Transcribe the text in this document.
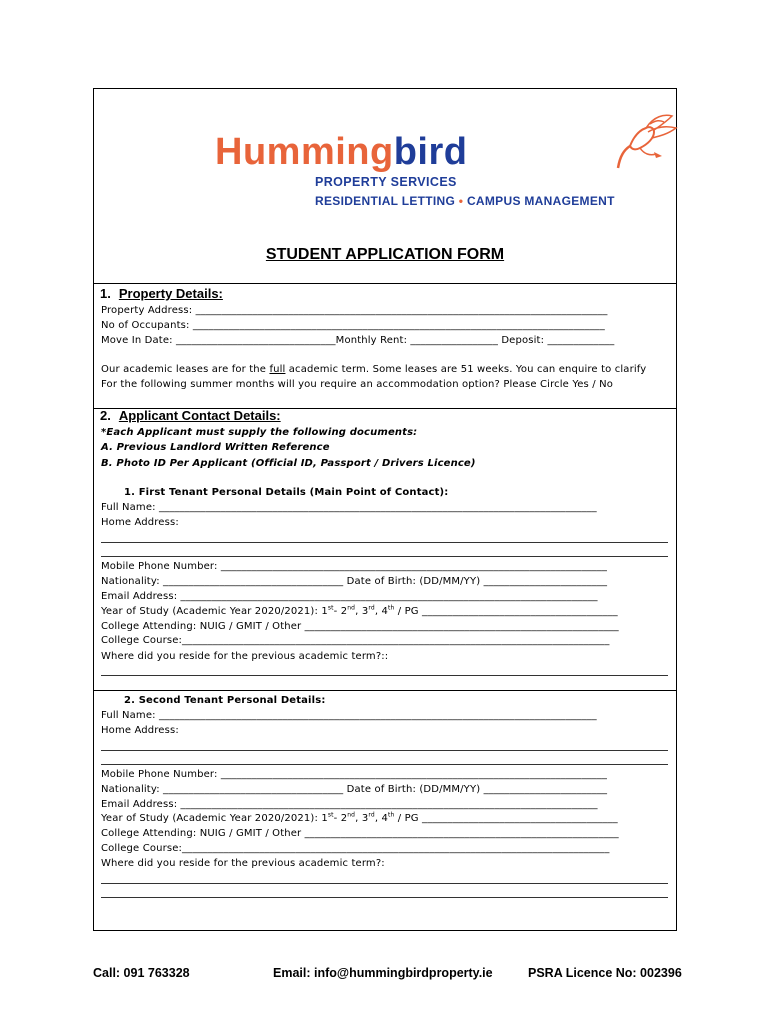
Hummingbird
PROPERTY SERVICES
RESIDENTIAL LETTING • CAMPUS MANAGEMENT
STUDENT APPLICATION FORM
1. Property Details:
Property Address: ________________________________________________________________________________
No of Occupants: ________________________________________________________________________________
Move In Date: _______________________________Monthly Rent: _________________ Deposit: _____________
Our academic leases are for the full academic term. Some leases are 51 weeks. You can enquire to clarify
For the following summer months will you require an accommodation option? Please Circle Yes / No
2. Applicant Contact Details:
*Each Applicant must supply the following documents:
A. Previous Landlord Written Reference
B. Photo ID Per Applicant (Official ID, Passport / Drivers Licence)
1. First Tenant Personal Details (Main Point of Contact):
Full Name: _____________________________________________________________________________________
Home Address:
Mobile Phone Number: ___________________________________________________________________________
Nationality: ___________________________________ Date of Birth: (DD/MM/YY) ________________________
Email Address: _________________________________________________________________________________
Year of Study (Academic Year 2020/2021): 1st- 2nd, 3rd, 4th / PG ______________________________________
College Attending: NUIG / GMIT / Other _____________________________________________________________
College Course:___________________________________________________________________________________
Where did you reside for the previous academic term?::
2. Second Tenant Personal Details:
Full Name: _____________________________________________________________________________________
Home Address:
Mobile Phone Number: ___________________________________________________________________________
Nationality: ___________________________________ Date of Birth: (DD/MM/YY) ________________________
Email Address: _________________________________________________________________________________
Year of Study (Academic Year 2020/2021): 1st- 2nd, 3rd, 4th / PG ______________________________________
College Attending: NUIG / GMIT / Other _____________________________________________________________
College Course:___________________________________________________________________________________
Where did you reside for the previous academic term?:
Call: 091 763328	Email: info@hummingbirdproperty.ie	PSRA Licence No: 002396
